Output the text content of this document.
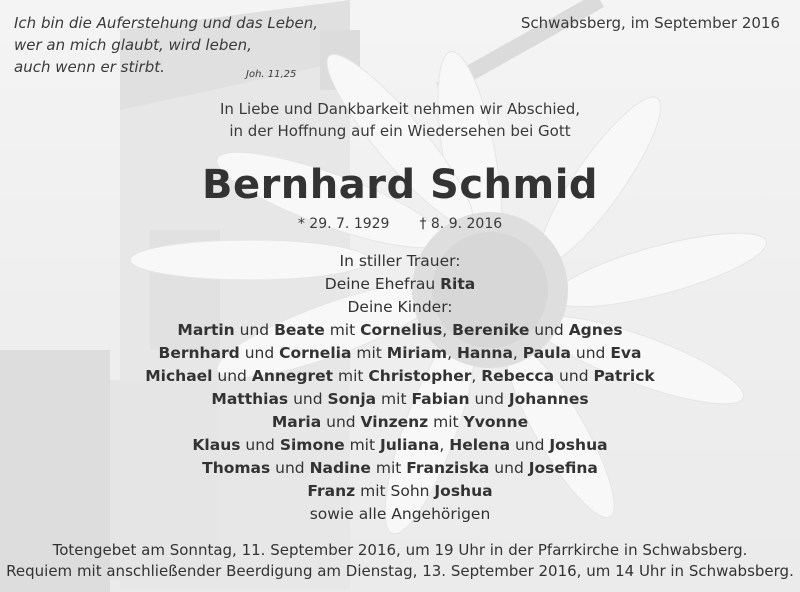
Ich bin die Auferstehung und das Leben,
wer an mich glaubt, wird leben,
auch wenn er stirbt.	Joh. 11,25
Schwabsberg, im September 2016
In Liebe und Dankbarkeit nehmen wir Abschied,
in der Hoffnung auf ein Wiedersehen bei Gott
Bernhard Schmid
* 29. 7. 1929 † 8. 9. 2016
In stiller Trauer:
Deine Ehefrau Rita
Deine Kinder:
Martin und Beate mit Cornelius, Berenike und Agnes
Bernhard und Cornelia mit Miriam, Hanna, Paula und Eva
Michael und Annegret mit Christopher, Rebecca und Patrick
Matthias und Sonja mit Fabian und Johannes
Maria und Vinzenz mit Yvonne
Klaus und Simone mit Juliana, Helena und Joshua
Thomas und Nadine mit Franziska und Josefina
Franz mit Sohn Joshua
sowie alle Angehörigen
Totengebet am Sonntag, 11. September 2016, um 19 Uhr in der Pfarrkirche in Schwabsberg.
Requiem mit anschließender Beerdigung am Dienstag, 13. September 2016, um 14 Uhr in Schwabsberg.
